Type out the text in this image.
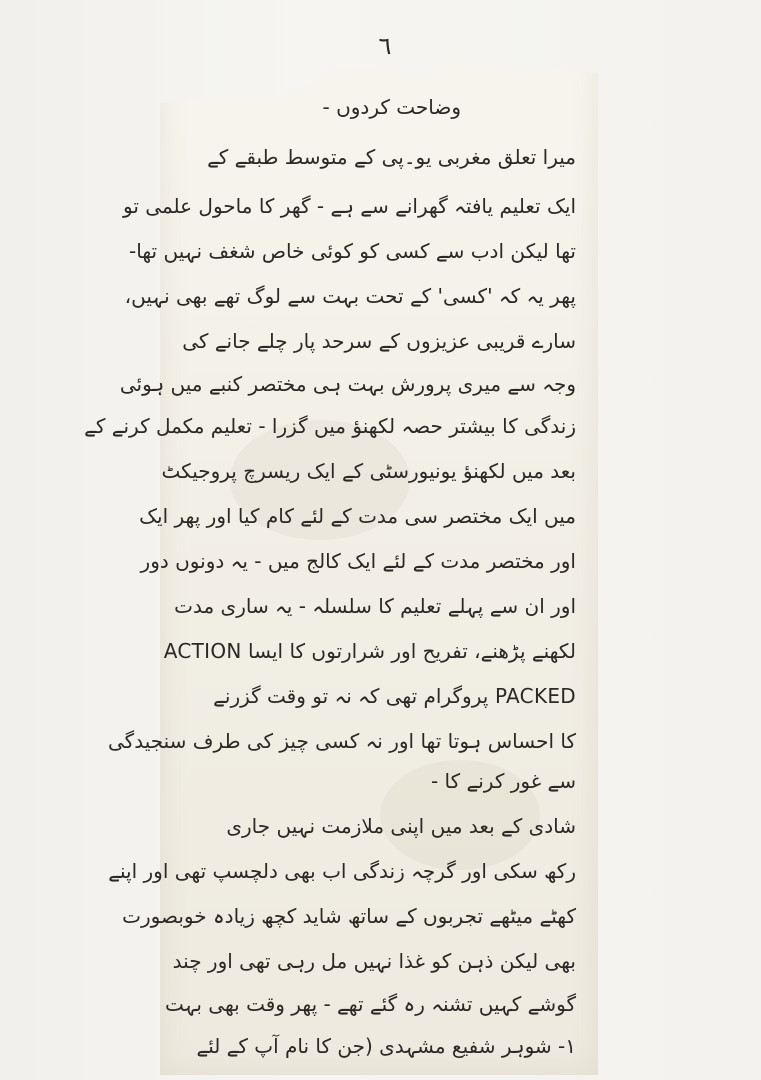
٦
وضاحت کردوں -
میرا تعلق مغربی یو۔پی کے متوسط طبقے کے
ایک تعلیم یافتہ گھرانے سے ہے - گھر کا ماحول علمی تو
تھا لیکن ادب سے کسی کو کوئی خاص شغف نہیں تھا-
پھر یہ کہ 'کسی' کے تحت بہت سے لوگ تھے بھی نہیں،
سارے قریبی عزیزوں کے سرحد پار چلے جانے کی
وجہ سے میری پرورش بہت ہی مختصر کنبے میں ہوئی
زندگی کا بیشتر حصہ لکھنؤ میں گزرا - تعلیم مکمل کرنے کے
بعد میں لکھنؤ یونیورسٹی کے ایک ریسرچ پروجیکٹ
میں ایک مختصر سی مدت کے لئے کام کیا اور پھر ایک
اور مختصر مدت کے لئے ایک کالج میں - یہ دونوں دور
اور ان سے پہلے تعلیم کا سلسلہ - یہ ساری مدت
لکھنے پڑھنے، تفریح اور شرارتوں کا ایسا ACTION
PACKED پروگرام تھی کہ نہ تو وقت گزرنے
کا احساس ہوتا تھا اور نہ کسی چیز کی طرف سنجیدگی
سے غور کرنے کا -
شادی کے بعد میں اپنی ملازمت نہیں جاری
رکھ سکی اور گرچہ زندگی اب بھی دلچسپ تھی اور اپنے
کھٹے میٹھے تجربوں کے ساتھ شاید کچھ زیادہ خوبصورت
بھی لیکن ذہن کو غذا نہیں مل رہی تھی اور چند
گوشے کہیں تشنہ رہ گئے تھے - پھر وقت بھی بہت
۱- شوہر شفیع مشہدی (جن کا نام آپ کے لئے
